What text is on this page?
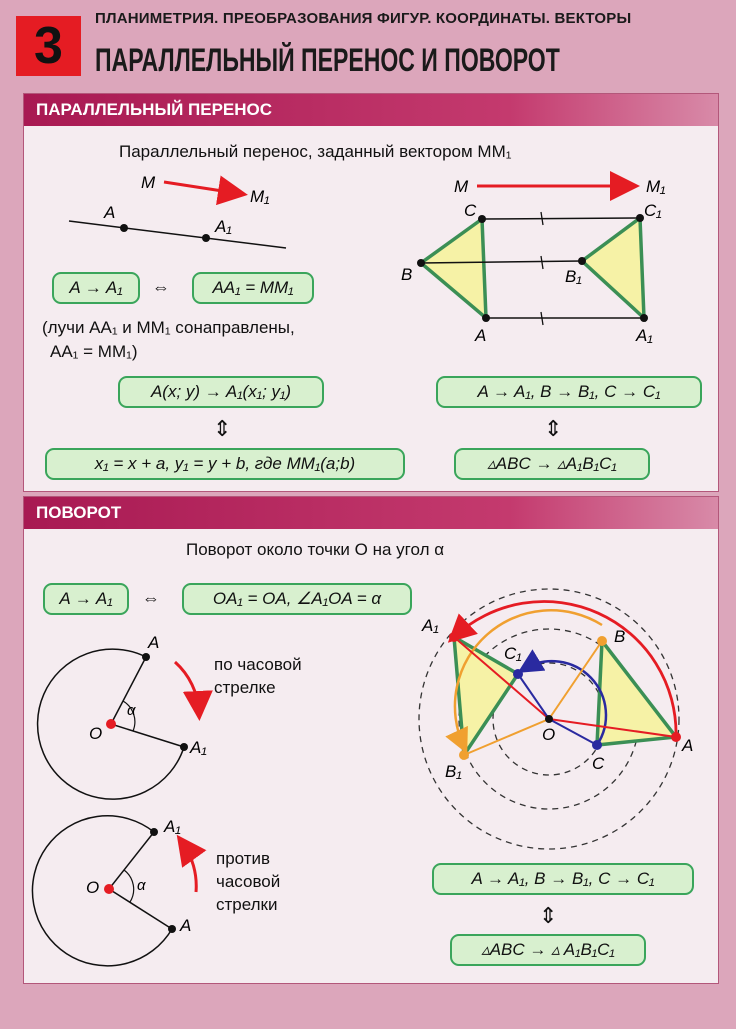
3	ПЛАНИМЕТРИЯ. ПРЕОБРАЗОВАНИЯ ФИГУР. КООРДИНАТЫ. ВЕКТОРЫ
ПАРАЛЛЕЛЬНЫЙ ПЕРЕНОС И ПОВОРОТ
ПАРАЛЛЕЛЬНЫЙ ПЕРЕНОС
Параллельный перенос, заданный вектором MM₁
M
M₁
A
A₁
M	M₁
C
B
A
C₁
B₁
A₁
A → A₁	⇔	AA₁ = MM₁
(лучи AA₁ и MM₁ сонаправлены,
AA₁ = MM₁)
A(x; y) → A₁(x₁; y₁)
⇕
x₁ = x + a, y₁ = y + b, где MM₁(a;b)
A → A₁, B → B₁, C → C₁
⇕
▵ABC → ▵A₁B₁C₁
ПОВОРОТ
Поворот около точки O на угол α
A → A₁	⇔	OA₁ = OA, ∠A₁OA = α
O
A
A₁
α
O
A₁
A
α
O
A
A₁
B
B₁	C
C₁
по часовой
стрелке
против
часовой
стрелки
A → A₁, B → B₁, C → C₁
⇕
▵ABC → ▵ A₁B₁C₁
